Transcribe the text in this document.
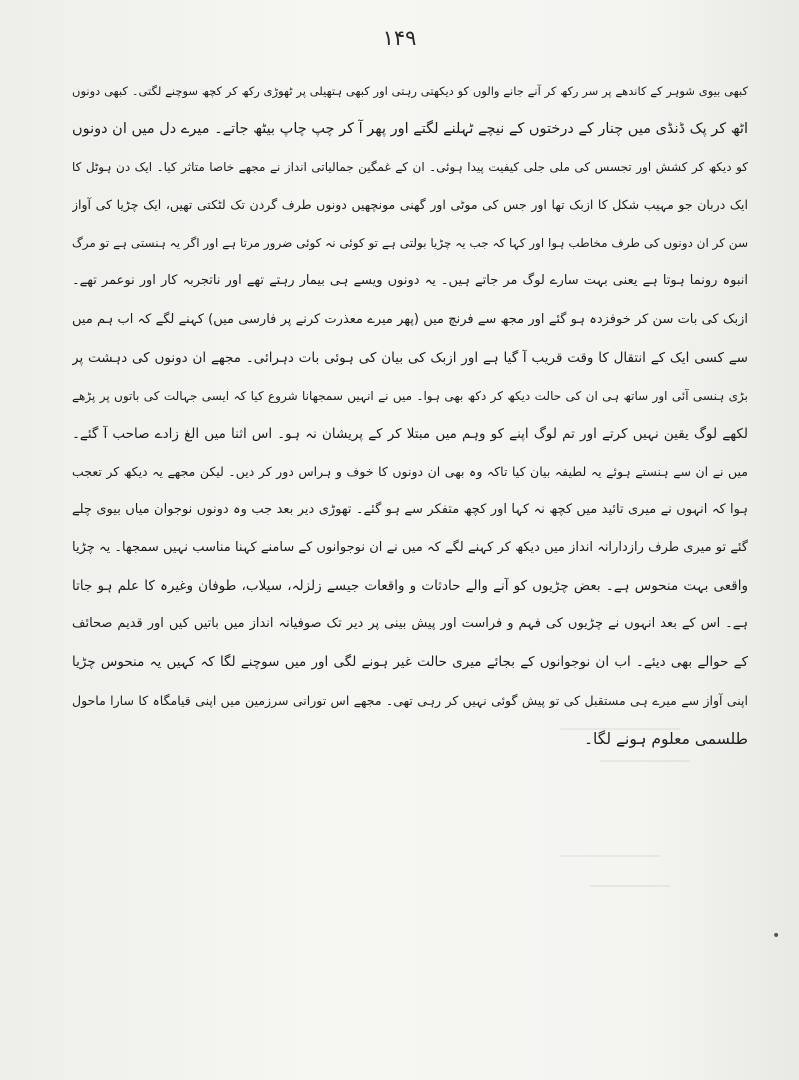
۱۴۹
کبھی بیوی شوہر کے کاندھے پر سر رکھ کر آنے جانے والوں کو دیکھتی رہتی اور کبھی ہتھیلی پر ٹھوڑی رکھ کر کچھ سوچنے لگتی۔ کبھی دونوں
اٹھ کر پک ڈنڈی میں چنار کے درختوں کے نیچے ٹہلنے لگتے اور پھر آ کر چپ چاپ بیٹھ جاتے۔ میرے دل میں ان دونوں
کو دیکھ کر کشش اور تجسس کی ملی جلی کیفیت پیدا ہوئی۔ ان کے غمگین جمالیاتی انداز نے مجھے خاصا متاثر کیا۔ ایک دن ہوٹل کا
ایک دربان جو مہیب شکل کا ازبک تھا اور جس کی موٹی اور گھنی مونچھیں دونوں طرف گردن تک لٹکتی تھیں، ایک چڑیا کی آواز
سن کر ان دونوں کی طرف مخاطب ہوا اور کہا کہ جب یہ چڑیا بولتی ہے تو کوئی نہ کوئی ضرور مرتا ہے اور اگر یہ ہنستی ہے تو مرگ
انبوہ رونما ہوتا ہے یعنی بہت سارے لوگ مر جاتے ہیں۔ یہ دونوں ویسے ہی بیمار رہتے تھے اور ناتجربہ کار اور نوعمر تھے۔
ازبک کی بات سن کر خوفزدہ ہو گئے اور مجھ سے فرنچ میں (پھر میرے معذرت کرنے پر فارسی میں) کہنے لگے کہ اب ہم میں
سے کسی ایک کے انتقال کا وقت قریب آ گیا ہے اور ازبک کی بیان کی ہوئی بات دہرائی۔ مجھے ان دونوں کی دہشت پر
بڑی ہنسی آئی اور ساتھ ہی ان کی حالت دیکھ کر دکھ بھی ہوا۔ میں نے انہیں سمجھانا شروع کیا کہ ایسی جہالت کی باتوں پر پڑھے
لکھے لوگ یقین نہیں کرتے اور تم لوگ اپنے کو وہم میں مبتلا کر کے پریشان نہ ہو۔ اس اثنا میں الغ زادے صاحب آ گئے۔
میں نے ان سے ہنستے ہوئے یہ لطیفہ بیان کیا تاکہ وہ بھی ان دونوں کا خوف و ہراس دور کر دیں۔ لیکن مجھے یہ دیکھ کر تعجب
ہوا کہ انہوں نے میری تائید میں کچھ نہ کہا اور کچھ متفکر سے ہو گئے۔ تھوڑی دیر بعد جب وہ دونوں نوجوان میاں بیوی چلے
گئے تو میری طرف رازدارانہ انداز میں دیکھ کر کہنے لگے کہ میں نے ان نوجوانوں کے سامنے کہنا مناسب نہیں سمجھا۔ یہ چڑیا
واقعی بہت منحوس ہے۔ بعض چڑیوں کو آنے والے حادثات و واقعات جیسے زلزلہ، سیلاب، طوفان وغیرہ کا علم ہو جاتا
ہے۔ اس کے بعد انہوں نے چڑیوں کی فہم و فراست اور پیش بینی پر دیر تک صوفیانہ انداز میں باتیں کیں اور قدیم صحائف
کے حوالے بھی دیئے۔ اب ان نوجوانوں کے بجائے میری حالت غیر ہونے لگی اور میں سوچنے لگا کہ کہیں یہ منحوس چڑیا
اپنی آواز سے میرے ہی مستقبل کی تو پیش گوئی نہیں کر رہی تھی۔ مجھے اس تورانی سرزمین میں اپنی قیامگاہ کا سارا ماحول
طلسمی معلوم ہونے لگا۔
•
